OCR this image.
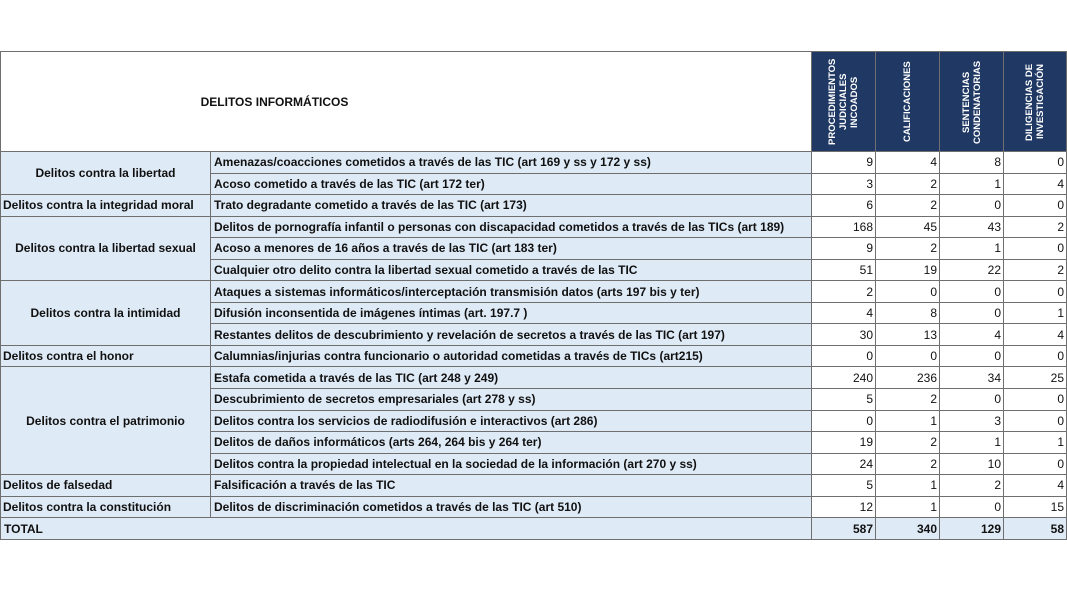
DELITOS INFORMÁTICOS		PROCEDIMIENTOS JUDICIALES INCOADOS	CALIFICACIONES	SENTENCIAS CONDENATORIAS	DILIGENCIAS DE INVESTIGACIÓN

Delitos contra la libertad	Amenazas/coacciones cometidos a través de las TIC (art 169 y ss y 172 y ss)	9	4	8	0
	Acoso cometido a través de las TIC (art 172 ter)	3	2	1	4
Delitos contra la integridad moral	Trato degradante cometido a través de las TIC (art 173)	6	2	0	0
Delitos contra la libertad sexual	Delitos de pornografía infantil o personas con discapacidad cometidos a través de las TICs (art 189)	168	45	43	2
	Acoso a menores de 16 años a través de las TIC (art 183 ter)	9	2	1	0
	Cualquier otro delito contra la libertad sexual cometido a través de las TIC	51	19	22	2
Delitos contra la intimidad	Ataques a sistemas informáticos/interceptación transmisión datos (arts 197 bis y ter)	2	0	0	0
	Difusión inconsentida de imágenes íntimas (art. 197.7 )	4	8	0	1
	Restantes delitos de descubrimiento y revelación de secretos a través de las TIC (art 197)	30	13	4	4
Delitos contra el honor	Calumnias/injurias contra funcionario o autoridad cometidas a través de TICs (art215)	0	0	0	0
Delitos contra el patrimonio	Estafa cometida a través de las TIC (art 248 y 249)	240	236	34	25
	Descubrimiento de secretos empresariales (art 278 y ss)	5	2	0	0
	Delitos contra los servicios de radiodifusión e interactivos (art 286)	0	1	3	0
	Delitos de daños informáticos (arts 264, 264 bis y 264 ter)	19	2	1	1
	Delitos contra la propiedad intelectual en la sociedad de la información (art 270 y ss)	24	2	10	0
Delitos de falsedad	Falsificación a través de las TIC	5	1	2	4
Delitos contra la constitución	Delitos de discriminación cometidos a través de las TIC (art 510)	12	1	0	15
TOTAL		587	340	129	58
